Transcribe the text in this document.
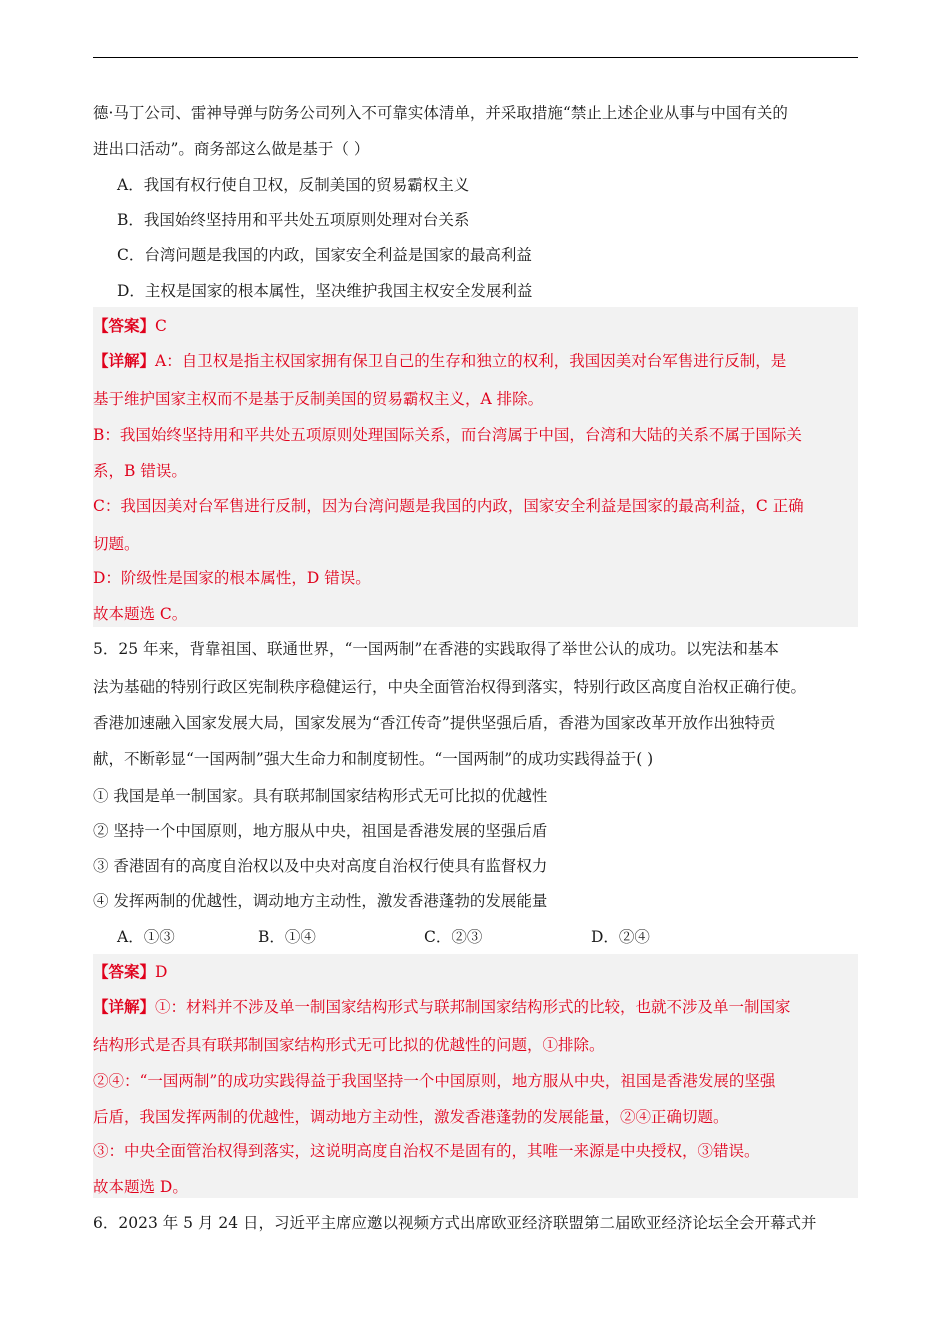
德·马丁公司、雷神导弹与防务公司列入不可靠实体清单，并采取措施“禁止上述企业从事与中国有关的
进出口活动”。商务部这么做是基于（ ）
A．我国有权行使自卫权，反制美国的贸易霸权主义
B．我国始终坚持用和平共处五项原则处理对台关系
C．台湾问题是我国的内政，国家安全利益是国家的最高利益
D．主权是国家的根本属性，坚决维护我国主权安全发展利益
【答案】C
【详解】A：自卫权是指主权国家拥有保卫自己的生存和独立的权利，我国因美对台军售进行反制，是
基于维护国家主权而不是基于反制美国的贸易霸权主义，A 排除。
B：我国始终坚持用和平共处五项原则处理国际关系，而台湾属于中国，台湾和大陆的关系不属于国际关
系，B 错误。
C：我国因美对台军售进行反制，因为台湾问题是我国的内政，国家安全利益是国家的最高利益，C 正确
切题。
D：阶级性是国家的根本属性，D 错误。
故本题选 C。
5．25 年来，背靠祖国、联通世界，“一国两制”在香港的实践取得了举世公认的成功。以宪法和基本
法为基础的特别行政区宪制秩序稳健运行，中央全面管治权得到落实，特别行政区高度自治权正确行使。
香港加速融入国家发展大局，国家发展为“香江传奇”提供坚强后盾，香港为国家改革开放作出独特贡
献，不断彰显“一国两制”强大生命力和制度韧性。“一国两制”的成功实践得益于( )
① 我国是单一制国家。具有联邦制国家结构形式无可比拟的优越性
② 坚持一个中国原则，地方服从中央，祖国是香港发展的坚强后盾
③ 香港固有的高度自治权以及中央对高度自治权行使具有监督权力
④ 发挥两制的优越性，调动地方主动性，激发香港蓬勃的发展能量
A．①③	B．①④	C．②③	D．②④
【答案】D
【详解】①：材料并不涉及单一制国家结构形式与联邦制国家结构形式的比较，也就不涉及单一制国家
结构形式是否具有联邦制国家结构形式无可比拟的优越性的问题，①排除。
②④：“一国两制”的成功实践得益于我国坚持一个中国原则，地方服从中央，祖国是香港发展的坚强
后盾，我国发挥两制的优越性，调动地方主动性，激发香港蓬勃的发展能量，②④正确切题。
③：中央全面管治权得到落实，这说明高度自治权不是固有的，其唯一来源是中央授权，③错误。
故本题选 D。
6．2023 年 5 月 24 日，习近平主席应邀以视频方式出席欧亚经济联盟第二届欧亚经济论坛全会开幕式并
